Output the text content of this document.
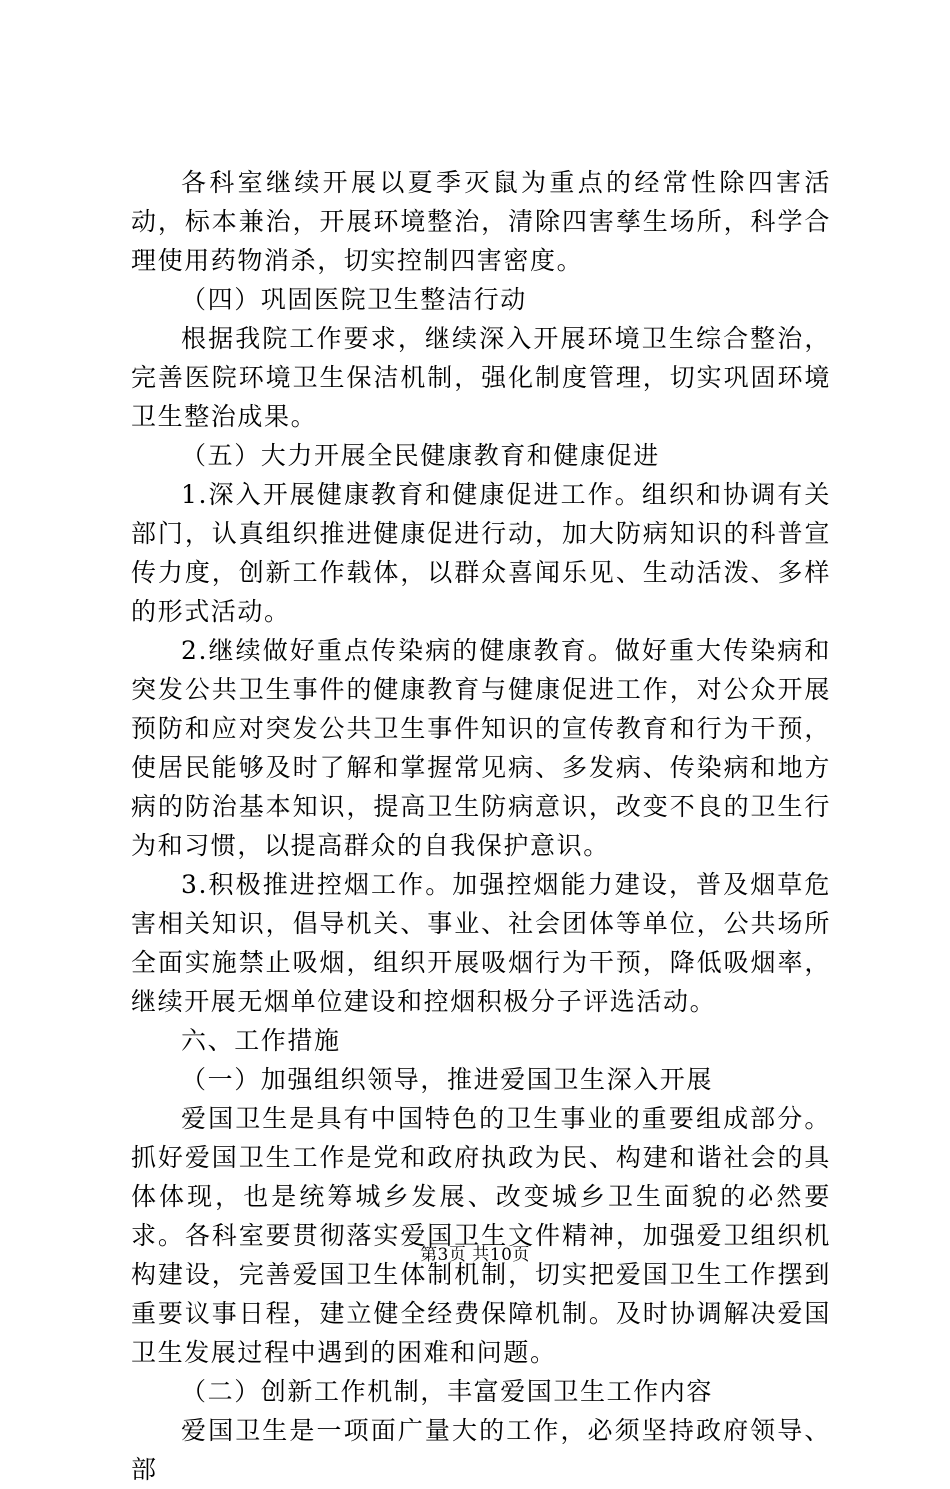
各科室继续开展以夏季灭鼠为重点的经常性除四害活动，标本兼治，开展环境整治，清除四害孳生场所，科学合理使用药物消杀，切实控制四害密度。

（四）巩固医院卫生整洁行动

根据我院工作要求，继续深入开展环境卫生综合整治，完善医院环境卫生保洁机制，强化制度管理，切实巩固环境卫生整治成果。

（五）大力开展全民健康教育和健康促进

1.深入开展健康教育和健康促进工作。组织和协调有关部门，认真组织推进健康促进行动，加大防病知识的科普宣传力度，创新工作载体，以群众喜闻乐见、生动活泼、多样的形式活动。

2.继续做好重点传染病的健康教育。做好重大传染病和突发公共卫生事件的健康教育与健康促进工作，对公众开展预防和应对突发公共卫生事件知识的宣传教育和行为干预，使居民能够及时了解和掌握常见病、多发病、传染病和地方病的防治基本知识，提高卫生防病意识，改变不良的卫生行为和习惯，以提高群众的自我保护意识。

3.积极推进控烟工作。加强控烟能力建设，普及烟草危害相关知识，倡导机关、事业、社会团体等单位，公共场所全面实施禁止吸烟，组织开展吸烟行为干预，降低吸烟率，继续开展无烟单位建设和控烟积极分子评选活动。

六、工作措施

（一）加强组织领导，推进爱国卫生深入开展

爱国卫生是具有中国特色的卫生事业的重要组成部分。抓好爱国卫生工作是党和政府执政为民、构建和谐社会的具体体现，也是统筹城乡发展、改变城乡卫生面貌的必然要求。各科室要贯彻落实爱国卫生文件精神，加强爱卫组织机构建设，完善爱国卫生体制机制，切实把爱国卫生工作摆到重要议事日程，建立健全经费保障机制。及时协调解决爱国卫生发展过程中遇到的困难和问题。

（二）创新工作机制，丰富爱国卫生工作内容

爱国卫生是一项面广量大的工作，必须坚持政府领导、部

第3页 共10页
